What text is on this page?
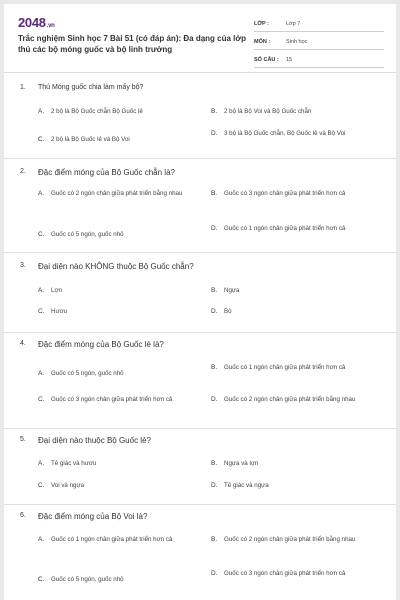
2048.vn
Trắc nghiệm Sinh học 7 Bài 51 (có đáp án): Đa dạng của lớp thú các bộ móng guốc và bộ linh trưởng
LỚP :	Lớp 7
MÔN :	Sinh học
SỐ CÂU :	15
1.	Thú Móng guốc chia làm mấy bộ?
A.	2 bộ là Bộ Guốc chẵn Bộ Guốc lẻ	B.	2 bộ là Bộ Voi và Bộ Guốc chẵn
C.	2 bộ là Bộ Guốc lẻ và Bộ Voi
D.	3 bộ là Bộ Guốc chẵn, Bộ Guốc lẻ và Bộ Voi
2.	Đặc điểm móng của Bộ Guốc chẵn là?
A.	Guốc có 2 ngón chân giữa phát triển bằng nhau	B.	Guốc có 3 ngón chân giữa phát triển hơn cả
C.	Guốc có 5 ngón, guốc nhỏ
D.	Guốc có 1 ngón chân giữa phát triển hơn cả
3.	Đại diện nào KHÔNG thuộc Bộ Guốc chẵn?
A.	Lợn	B.	Ngựa
C.	Hươu	D.	Bò
4.	Đặc điểm móng của Bộ Guốc lẻ là?
A.	Guốc có 5 ngón, guốc nhỏ
B.	Guốc có 1 ngón chân giữa phát triển hơn cả
C.	Guốc có 3 ngón chân giữa phát triển hơn cả	D.	Guốc có 2 ngón chân giữa phát triển bằng nhau
5.	Đại diện nào thuộc Bộ Guốc lẻ?
A.	Tê giác và hươu	B.	Ngựa và lợn
C.	Voi và ngựa	D.	Tê giác và ngựa
6.	Đặc điểm móng của Bộ Voi là?
A.	Guốc có 1 ngón chân giữa phát triển hơn cả	B.	Guốc có 2 ngón chân giữa phát triển bằng nhau
C.	Guốc có 5 ngón, guốc nhỏ
D.	Guốc có 3 ngón chân giữa phát triển hơn cả
